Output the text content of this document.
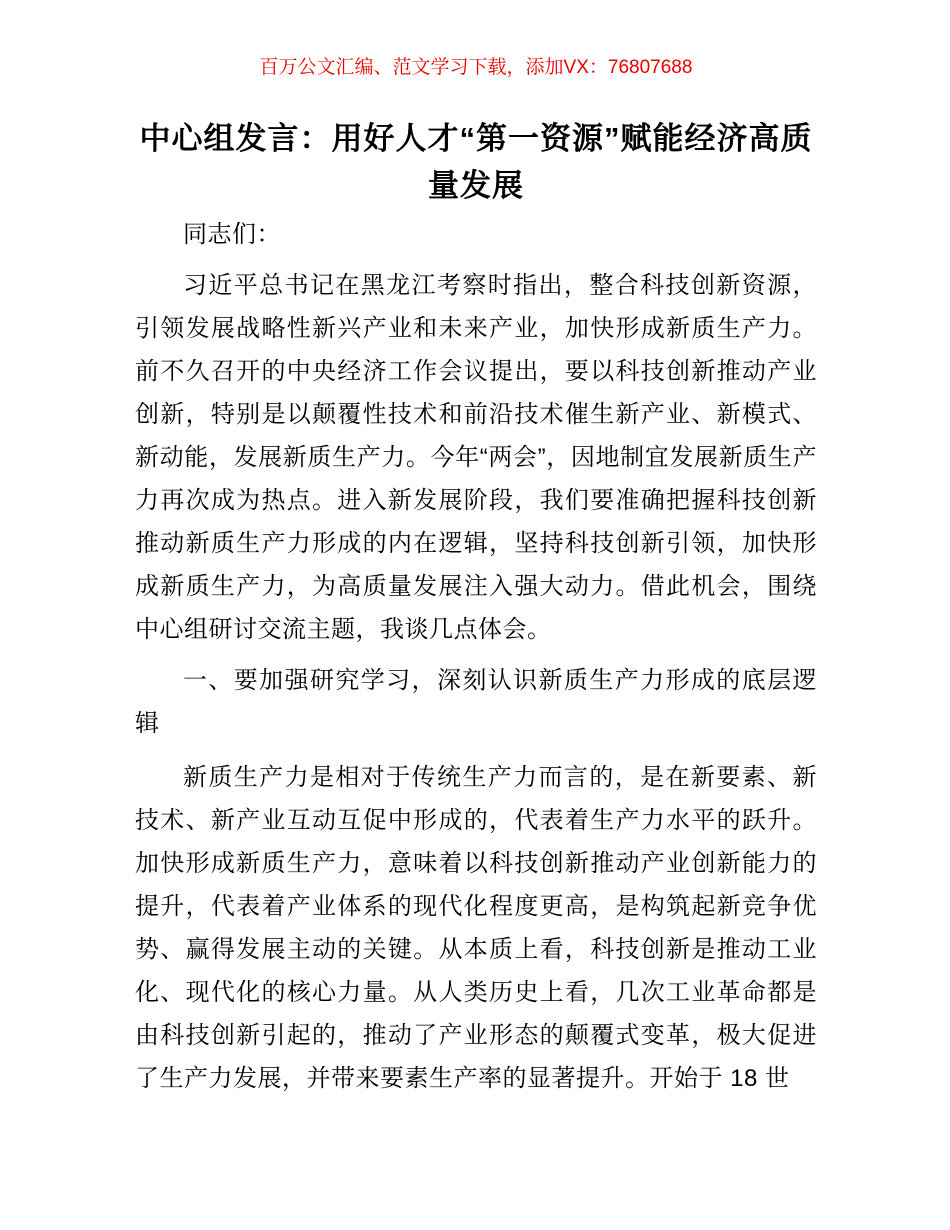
百万公文汇编、范文学习下载，添加VX：76807688
中心组发言：用好人才“第一资源”赋能经济高质量发展

同志们：

习近平总书记在黑龙江考察时指出，整合科技创新资源，引领发展战略性新兴产业和未来产业，加快形成新质生产力。前不久召开的中央经济工作会议提出，要以科技创新推动产业创新，特别是以颠覆性技术和前沿技术催生新产业、新模式、新动能，发展新质生产力。今年“两会”，因地制宜发展新质生产力再次成为热点。进入新发展阶段，我们要准确把握科技创新推动新质生产力形成的内在逻辑，坚持科技创新引领，加快形成新质生产力，为高质量发展注入强大动力。借此机会，围绕中心组研讨交流主题，我谈几点体会。

一、要加强研究学习，深刻认识新质生产力形成的底层逻辑

新质生产力是相对于传统生产力而言的，是在新要素、新技术、新产业互动互促中形成的，代表着生产力水平的跃升。加快形成新质生产力，意味着以科技创新推动产业创新能力的提升，代表着产业体系的现代化程度更高，是构筑起新竞争优势、赢得发展主动的关键。从本质上看，科技创新是推动工业化、现代化的核心力量。从人类历史上看，几次工业革命都是由科技创新引起的，推动了产业形态的颠覆式变革，极大促进了生产力发展，并带来要素生产率的显著提升。开始于 18 世
